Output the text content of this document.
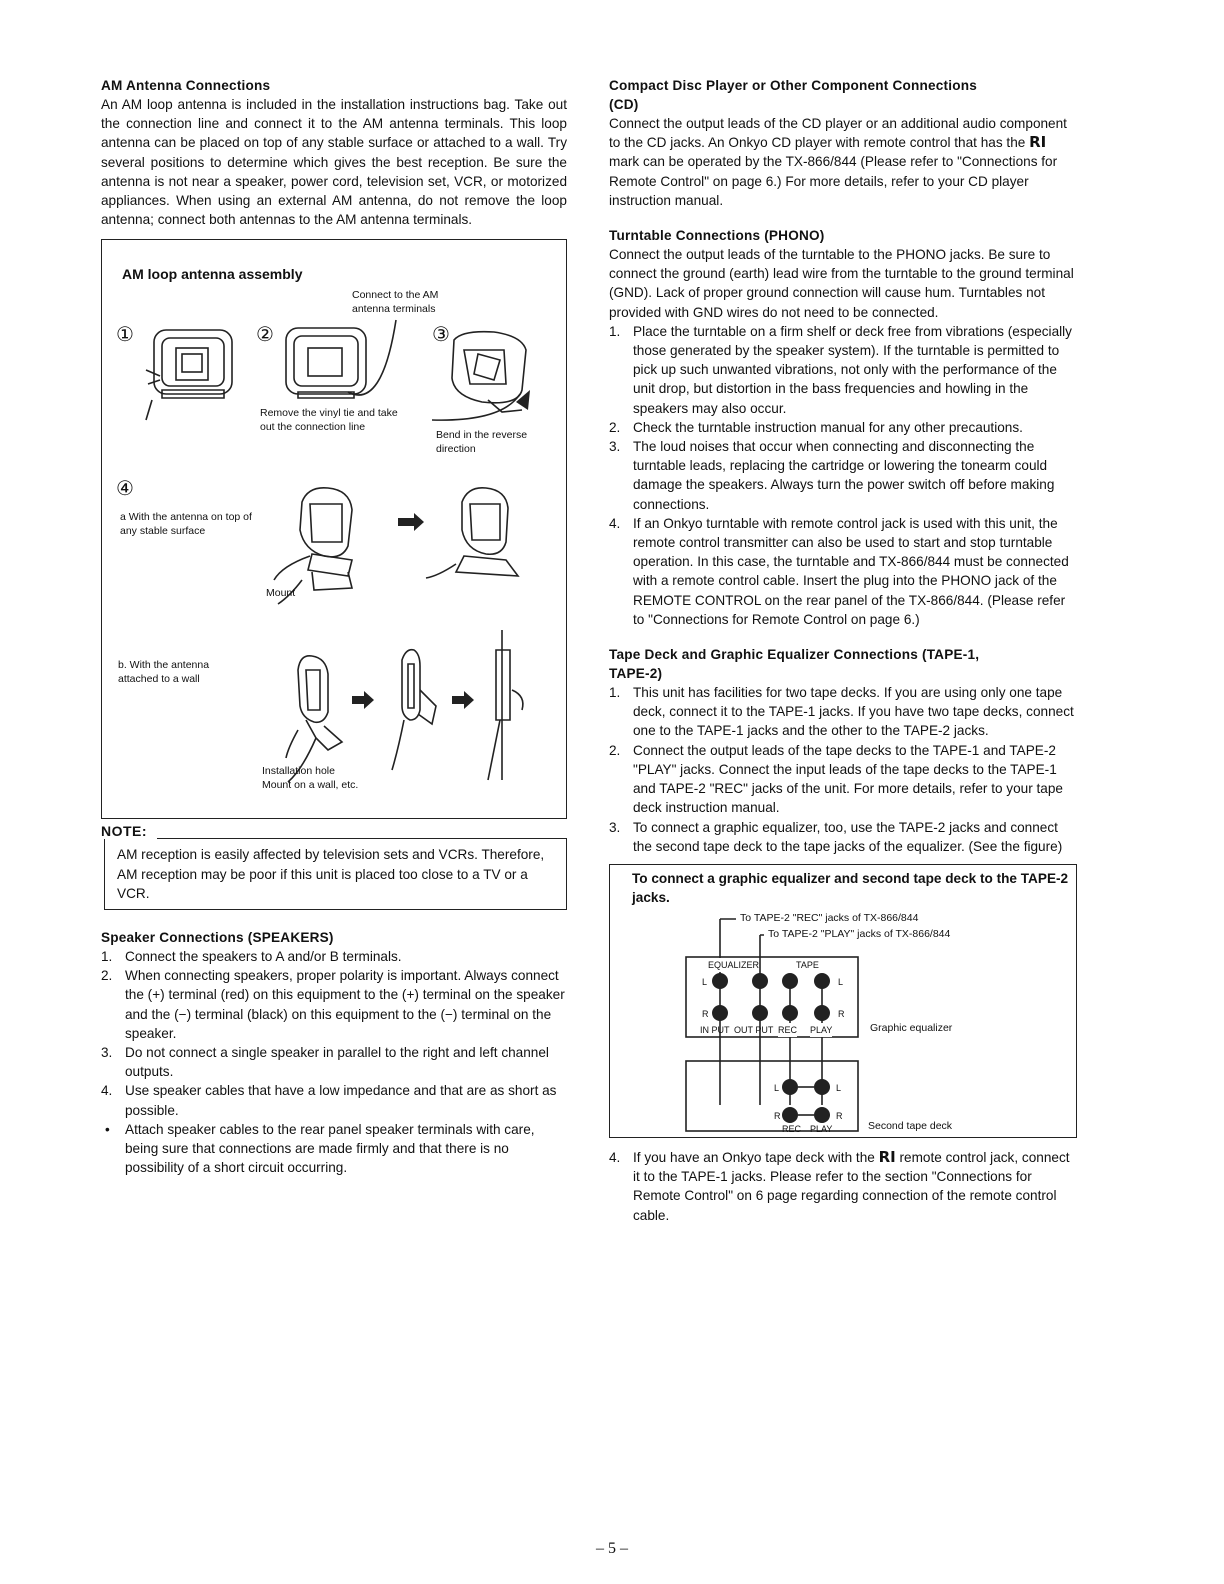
AM Antenna Connections

An AM loop antenna is included in the installation instructions bag. Take out the connection line and connect it to the AM antenna terminals. This loop antenna can be placed on top of any stable surface or attached to a wall. Try several positions to determine which gives the best reception. Be sure the antenna is not near a speaker, power cord, television set, VCR, or motorized appliances. When using an external AM antenna, do not remove the loop antenna; connect both antennas to the AM antenna terminals.

AM loop antenna assembly
Connect to the AM antenna terminals
①	②	③
Remove the vinyl tie and take out the connection line
Bend in the reverse direction
④
a With the antenna on top of any stable surface
Mount
b. With the antenna attached to a wall
Installation hole
Mount on a wall, etc.
NOTE:

AM reception is easily affected by television sets and VCRs. Therefore, AM reception may be poor if this unit is placed too close to a TV or a VCR.

Speaker Connections (SPEAKERS)
1. Connect the speakers to A and/or B terminals.
2. When connecting speakers, proper polarity is important. Always connect the (+) terminal (red) on this equipment to the (+) terminal on the speaker and the (−) terminal (black) on this equipment to the (−) terminal on the speaker.
3. Do not connect a single speaker in parallel to the right and left channel outputs.
4. Use speaker cables that have a low impedance and that are as short as possible.
• Attach speaker cables to the rear panel speaker terminals with care, being sure that connections are made firmly and that there is no possibility of a short circuit occurring.
Compact Disc Player or Other Component Connections
(CD)

Connect the output leads of the CD player or an additional audio component to the CD jacks. An Onkyo CD player with remote control that has the RI mark can be operated by the TX-866/844 (Please refer to "Connections for Remote Control" on page 6.) For more details, refer to your CD player instruction manual.

Turntable Connections (PHONO)

Connect the output leads of the turntable to the PHONO jacks. Be sure to connect the ground (earth) lead wire from the turntable to the ground terminal (GND). Lack of proper ground connection will cause hum. Turntables not provided with GND wires do not need to be connected.

1. Place the turntable on a firm shelf or deck free from vibrations (especially those generated by the speaker system). If the turntable is permitted to pick up such unwanted vibrations, not only with the performance of the unit drop, but distortion in the bass frequencies and howling in the speakers may also occur.
2. Check the turntable instruction manual for any other precautions.
3. The loud noises that occur when connecting and disconnecting the turntable leads, replacing the cartridge or lowering the tonearm could damage the speakers. Always turn the power switch off before making connections.
4. If an Onkyo turntable with remote control jack is used with this unit, the remote control transmitter can also be used to start and stop turntable operation. In this case, the turntable and TX-866/844 must be connected with a remote control cable. Insert the plug into the PHONO jack of the REMOTE CONTROL on the rear panel of the TX-866/844. (Please refer to "Connections for Remote Control on page 6.)
Tape Deck and Graphic Equalizer Connections (TAPE-1,
TAPE-2)
1. This unit has facilities for two tape decks. If you are using only one tape deck, connect it to the TAPE-1 jacks. If you have two tape decks, connect one to the TAPE-1 jacks and the other to the TAPE-2 jacks.
2. Connect the output leads of the tape decks to the TAPE-1 and TAPE-2 "PLAY" jacks. Connect the input leads of the tape decks to the TAPE-1 and TAPE-2 "REC" jacks of the unit. For more details, refer to your tape deck instruction manual.
3. To connect a graphic equalizer, too, use the TAPE-2 jacks and connect the second tape deck to the tape jacks of the equalizer. (See the figure)
To connect a graphic equalizer and second tape deck to the TAPE-2 jacks.
To TAPE-2 "REC" jacks of TX-866/844
To TAPE-2 "PLAY" jacks of TX-866/844
EQUALIZER	TAPE
L	L
R	R
IN PUT OUT PUT REC PLAY	Graphic equalizer
L	L
R	R
REC PLAY	Second tape deck
4. If you have an Onkyo tape deck with the RI remote control jack, connect it to the TAPE-1 jacks. Please refer to the section "Connections for Remote Control" on 6 page regarding connection of the remote control cable.
– 5 –
